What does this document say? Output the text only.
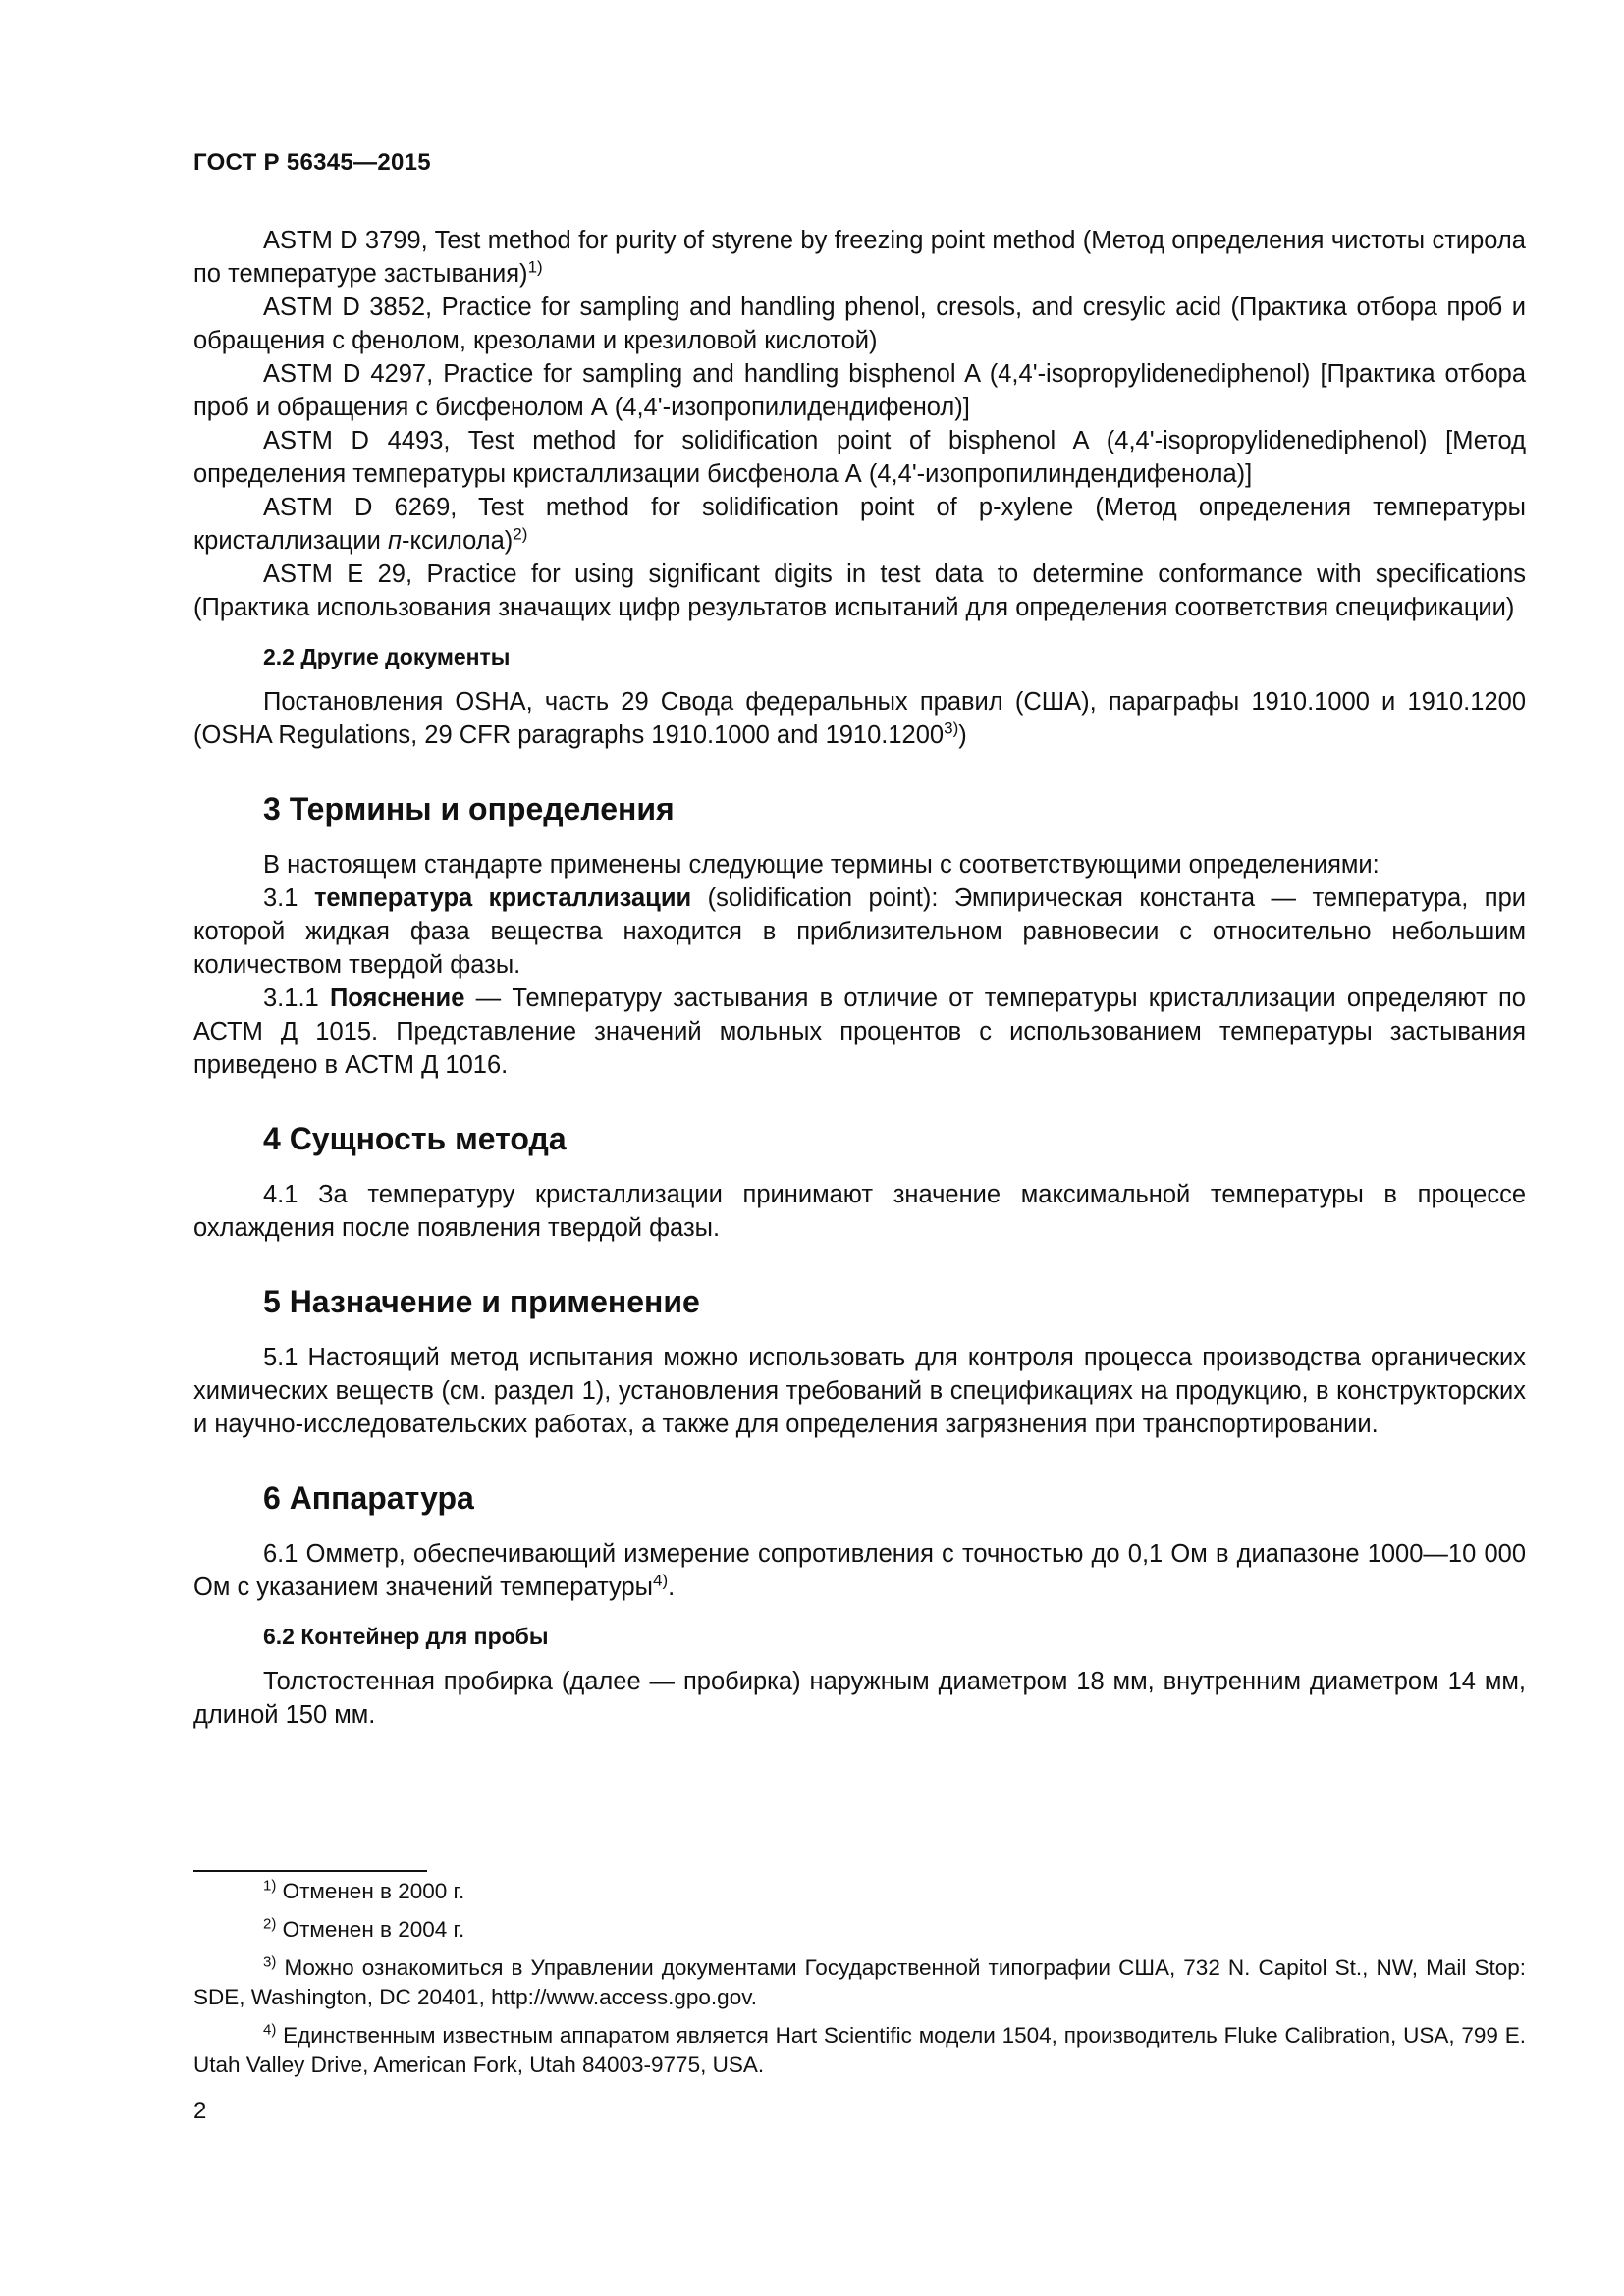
ГОСТ Р 56345—2015

ASTM D 3799, Test method for purity of styrene by freezing point method (Метод определения чистоты стирола по температуре застывания)$^{1)}$

ASTM D 3852, Practice for sampling and handling phenol, cresols, and cresylic acid (Практика отбора проб и обращения с фенолом, крезолами и крезиловой кислотой)

ASTM D 4297, Practice for sampling and handling bisphenol A (4,4'-isopropylidenediphenol) [Практика отбора проб и обращения с бисфенолом А (4,4'-изопропилидендифенол)]

ASTM D 4493, Test method for solidification point of bisphenol A (4,4'-isopropylidenediphenol) [Метод определения температуры кристаллизации бисфенола А (4,4'-изопропилиндендифенола)]

ASTM D 6269, Test method for solidification point of p-xylene (Метод определения температуры кристаллизации п-ксилола)$^{2)}$

ASTM E 29, Practice for using significant digits in test data to determine conformance with specifications (Практика использования значащих цифр результатов испытаний для определения соответствия спецификации)

2.2 Другие документы

Постановления OSHA, часть 29 Свода федеральных правил (США), параграфы 1910.1000 и 1910.1200 (OSHA Regulations, 29 CFR paragraphs 1910.1000 and 1910.1200$^{3)}$)

3 Термины и определения

В настоящем стандарте применены следующие термины с соответствующими определениями:

3.1 температура кристаллизации (solidification point): Эмпирическая константа — температура, при которой жидкая фаза вещества находится в приблизительном равновесии с относительно небольшим количеством твердой фазы.

3.1.1 Пояснение — Температуру застывания в отличие от температуры кристаллизации определяют по АСТМ Д 1015. Представление значений мольных процентов с использованием температуры застывания приведено в АСТМ Д 1016.

4 Сущность метода

4.1 За температуру кристаллизации принимают значение максимальной температуры в процессе охлаждения после появления твердой фазы.

5 Назначение и применение

5.1 Настоящий метод испытания можно использовать для контроля процесса производства органических химических веществ (см. раздел 1), установления требований в спецификациях на продукцию, в конструкторских и научно-исследовательских работах, а также для определения загрязнения при транспортировании.

6 Аппаратура

6.1 Омметр, обеспечивающий измерение сопротивления с точностью до 0,1 Ом в диапазоне 1000—10 000 Ом с указанием значений температуры$^{4)}$.

6.2 Контейнер для пробы

Толстостенная пробирка (далее — пробирка) наружным диаметром 18 мм, внутренним диаметром 14 мм, длиной 150 мм.

$^{1)}$ Отменен в 2000 г.

$^{2)}$ Отменен в 2004 г.

$^{3)}$ Можно ознакомиться в Управлении документами Государственной типографии США, 732 N. Capitol St., NW, Mail Stop: SDE, Washington, DC 20401, http://www.access.gpo.gov.

$^{4)}$ Единственным известным аппаратом является Hart Scientific модели 1504, производитель Fluke Calibration, USA, 799 E. Utah Valley Drive, American Fork, Utah 84003-9775, USA.

2
